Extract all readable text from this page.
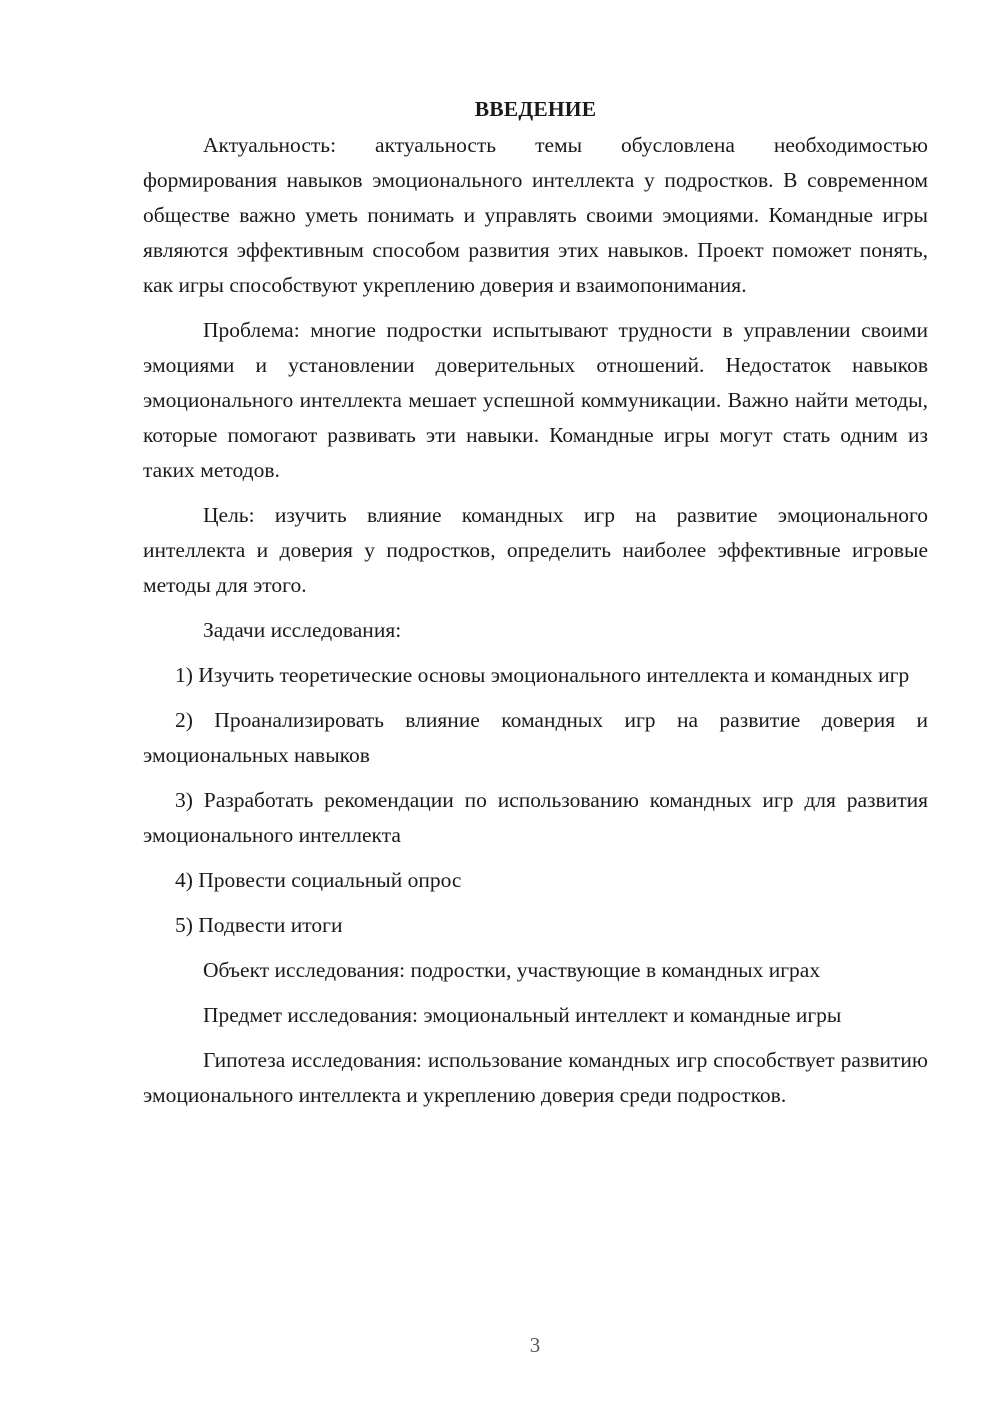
ВВЕДЕНИЕ

Актуальность: актуальность темы обусловлена необходимостью формирования навыков эмоционального интеллекта у подростков. В современном обществе важно уметь понимать и управлять своими эмоциями. Командные игры являются эффективным способом развития этих навыков. Проект поможет понять, как игры способствуют укреплению доверия и взаимопонимания.

Проблема: многие подростки испытывают трудности в управлении своими эмоциями и установлении доверительных отношений. Недостаток навыков эмоционального интеллекта мешает успешной коммуникации. Важно найти методы, которые помогают развивать эти навыки. Командные игры могут стать одним из таких методов.

Цель: изучить влияние командных игр на развитие эмоционального интеллекта и доверия у подростков, определить наиболее эффективные игровые методы для этого.

Задачи исследования:

1) Изучить теоретические основы эмоционального интеллекта и командных игр

2) Проанализировать влияние командных игр на развитие доверия и эмоциональных навыков

3) Разработать рекомендации по использованию командных игр для развития эмоционального интеллекта

4) Провести социальный опрос

5) Подвести итоги

Объект исследования: подростки, участвующие в командных играх

Предмет исследования: эмоциональный интеллект и командные игры

Гипотеза исследования: использование командных игр способствует развитию эмоционального интеллекта и укреплению доверия среди подростков.

3
